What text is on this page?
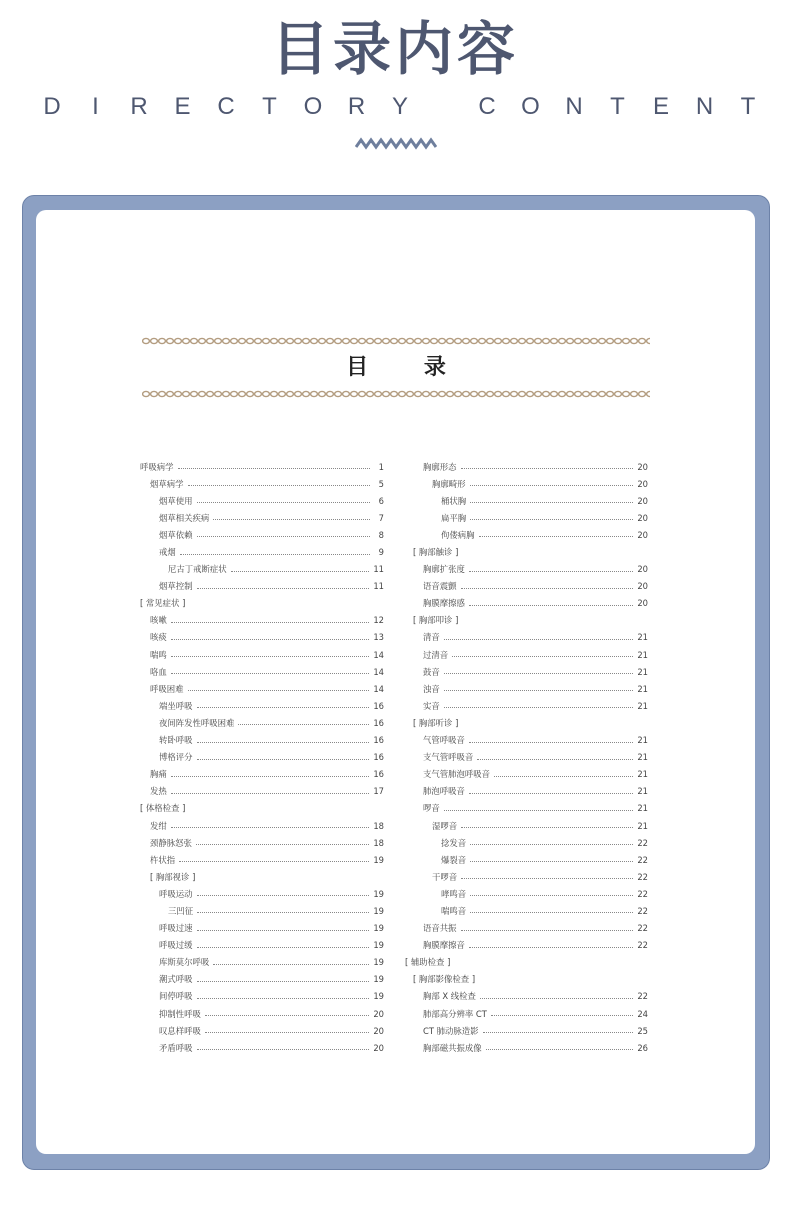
目录内容
D	I	R E C T O R Y	C O N T E N T
目 录
呼吸病学	1
烟草病学	5
烟草使用	6
烟草相关疾病	7
烟草依赖	8
戒烟	9
尼古丁戒断症状	11
烟草控制	11
[ 常见症状 ]
咳嗽	12
咳痰	13
喘鸣	14
咯血	14
呼吸困难	14
端坐呼吸	16
夜间阵发性呼吸困难	16
转卧呼吸	16
博格评分	16
胸痛	16
发热	17
[ 体格检查 ]
发绀	18
颈静脉怒张	18
杵状指	19
[ 胸部视诊 ]
呼吸运动	19
三凹征	19
呼吸过速	19
呼吸过缓	19
库斯莫尔呼吸	19
潮式呼吸	19
间停呼吸	19
抑制性呼吸	20
叹息样呼吸	20
矛盾呼吸	20
胸廓形态	20
胸廓畸形	20
桶状胸	20
扁平胸	20
佝偻病胸	20
[ 胸部触诊 ]
胸廓扩张度	20
语音震颤	20
胸膜摩擦感	20
[ 胸部叩诊 ]
清音	21
过清音	21
鼓音	21
浊音	21
实音	21
[ 胸部听诊 ]
气管呼吸音	21
支气管呼吸音	21
支气管肺泡呼吸音	21
肺泡呼吸音	21
啰音	21
湿啰音	21
捻发音	22
爆裂音	22
干啰音	22
哮鸣音	22
喘鸣音	22
语音共振	22
胸膜摩擦音	22
[ 辅助检查 ]
[ 胸部影像检查 ]
胸部 X 线检查	22
肺部高分辨率 CT	24
CT 肺动脉造影	25
胸部磁共振成像	26
